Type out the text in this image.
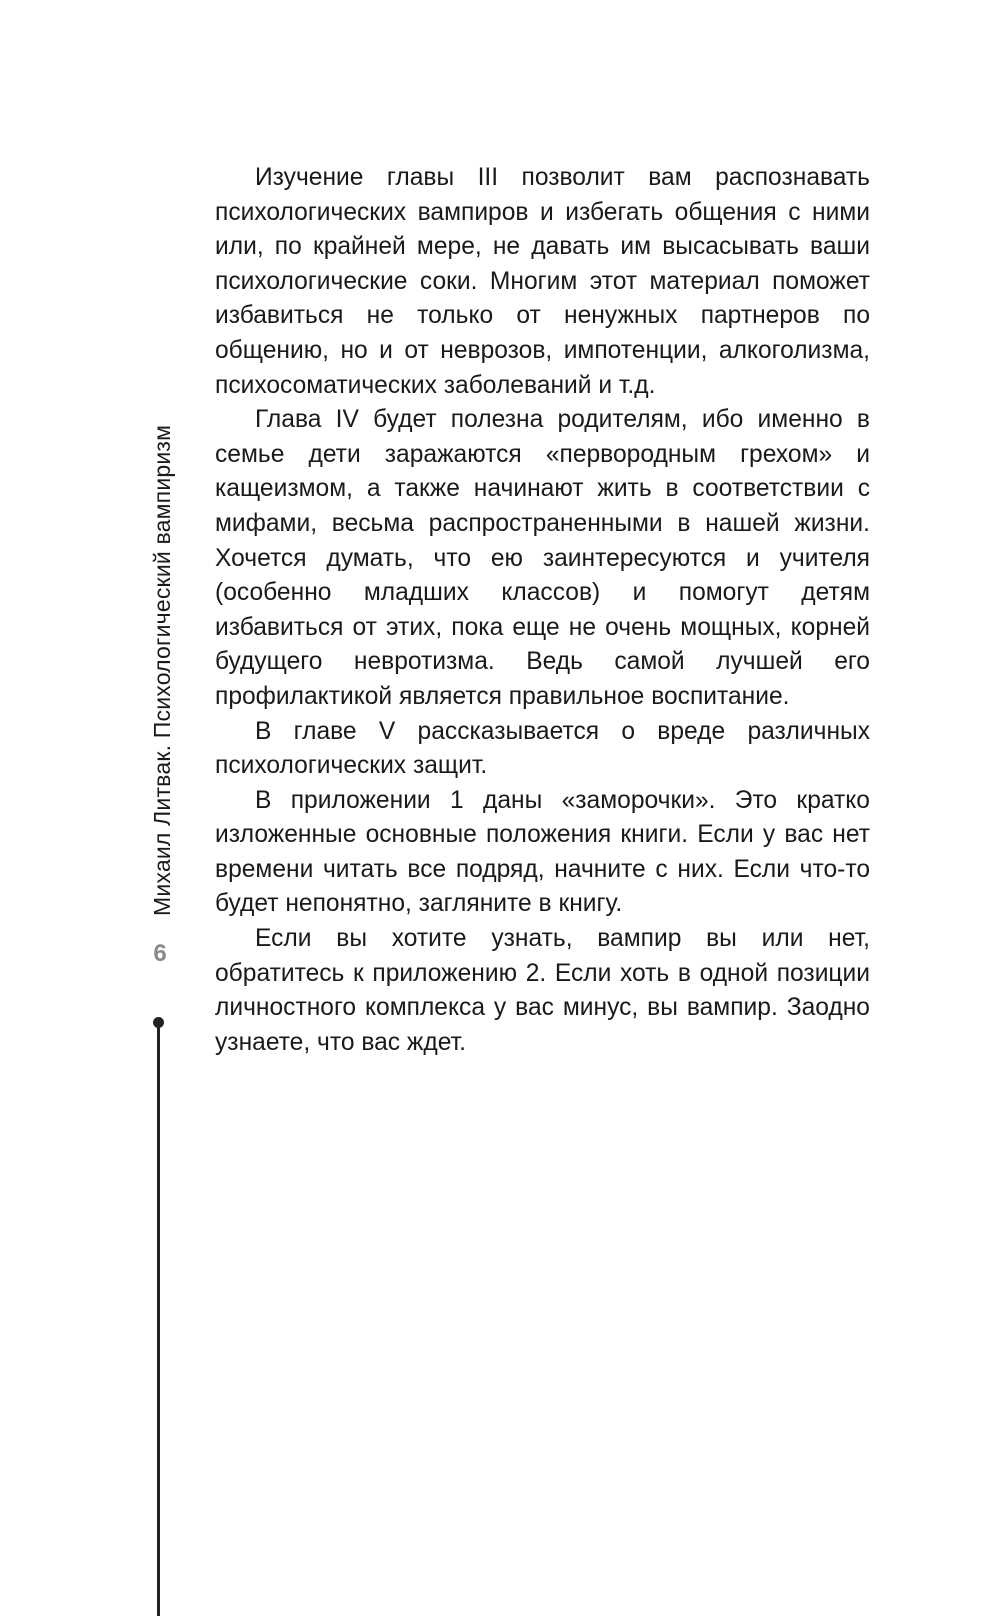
Михаил Литвак. Психологический вампиризм
6

Изучение главы III позволит вам распознавать психологических вампиров и избегать общения с ними или, по крайней мере, не давать им высасывать ваши психологические соки. Многим этот материал поможет избавиться не только от ненужных партнеров по общению, но и от неврозов, импотенции, алкоголизма, психосоматических заболеваний и т.д.

Глава IV будет полезна родителям, ибо именно в семье дети заражаются «первородным грехом» и кащеизмом, а также начинают жить в соответствии с мифами, весьма распространенными в нашей жизни. Хочется думать, что ею заинтересуются и учителя (особенно младших классов) и помогут детям избавиться от этих, пока еще не очень мощных, корней будущего невротизма. Ведь самой лучшей его профилактикой является правильное воспитание.

В главе V рассказывается о вреде различных психологических защит.

В приложении 1 даны «заморочки». Это кратко изложенные основные положения книги. Если у вас нет времени читать все подряд, начните с них. Если что-то будет непонятно, загляните в книгу.

Если вы хотите узнать, вампир вы или нет, обратитесь к приложению 2. Если хоть в одной позиции личностного комплекса у вас минус, вы вампир. Заодно узнаете, что вас ждет.
